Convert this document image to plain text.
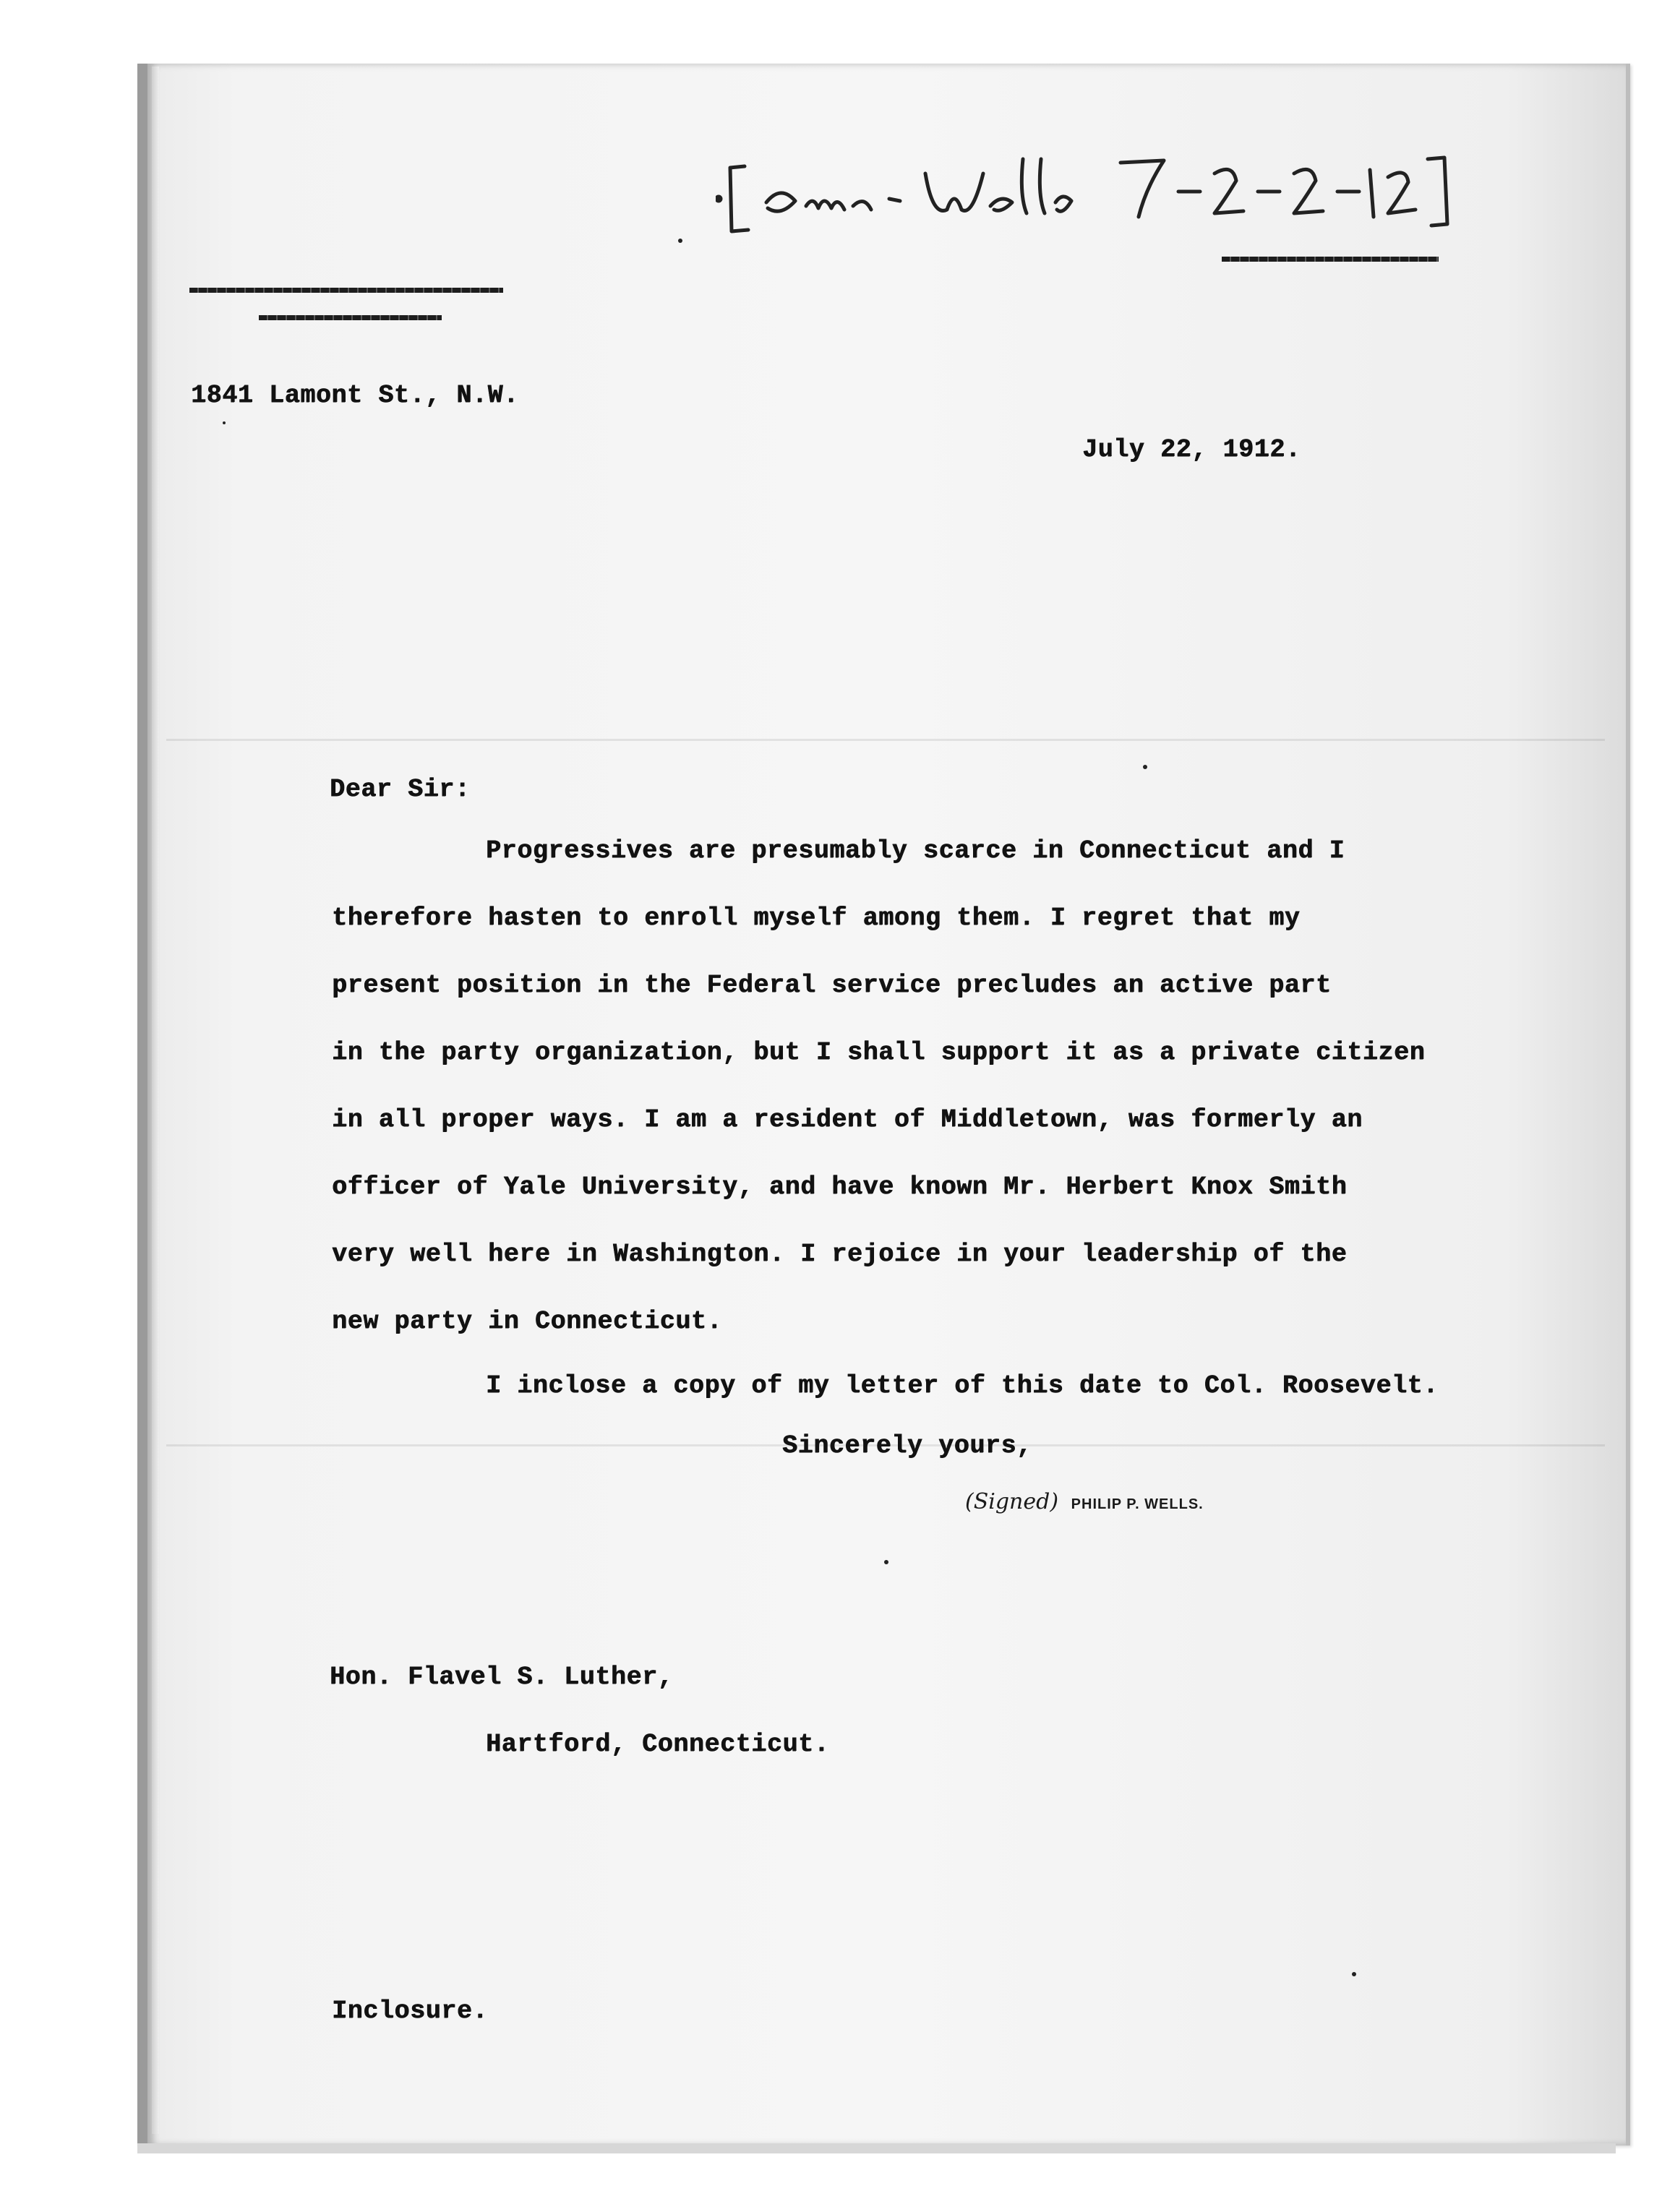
1841 Lamont St., N.W.
July 22, 1912.
Dear Sir:
Progressives are presumably scarce in Connecticut and I
therefore hasten to enroll myself among them. I regret that my
present position in the Federal service precludes an active part
in the party organization, but I shall support it as a private citizen
in all proper ways. I am a resident of Middletown, was formerly an
officer of Yale University, and have known Mr. Herbert Knox Smith
very well here in Washington. I rejoice in your leadership of the
new party in Connecticut.
I inclose a copy of my letter of this date to Col. Roosevelt.
Sincerely yours,
(Signed) PHILIP P. WELLS.
Hon. Flavel S. Luther,
Hartford, Connecticut.
Inclosure.
